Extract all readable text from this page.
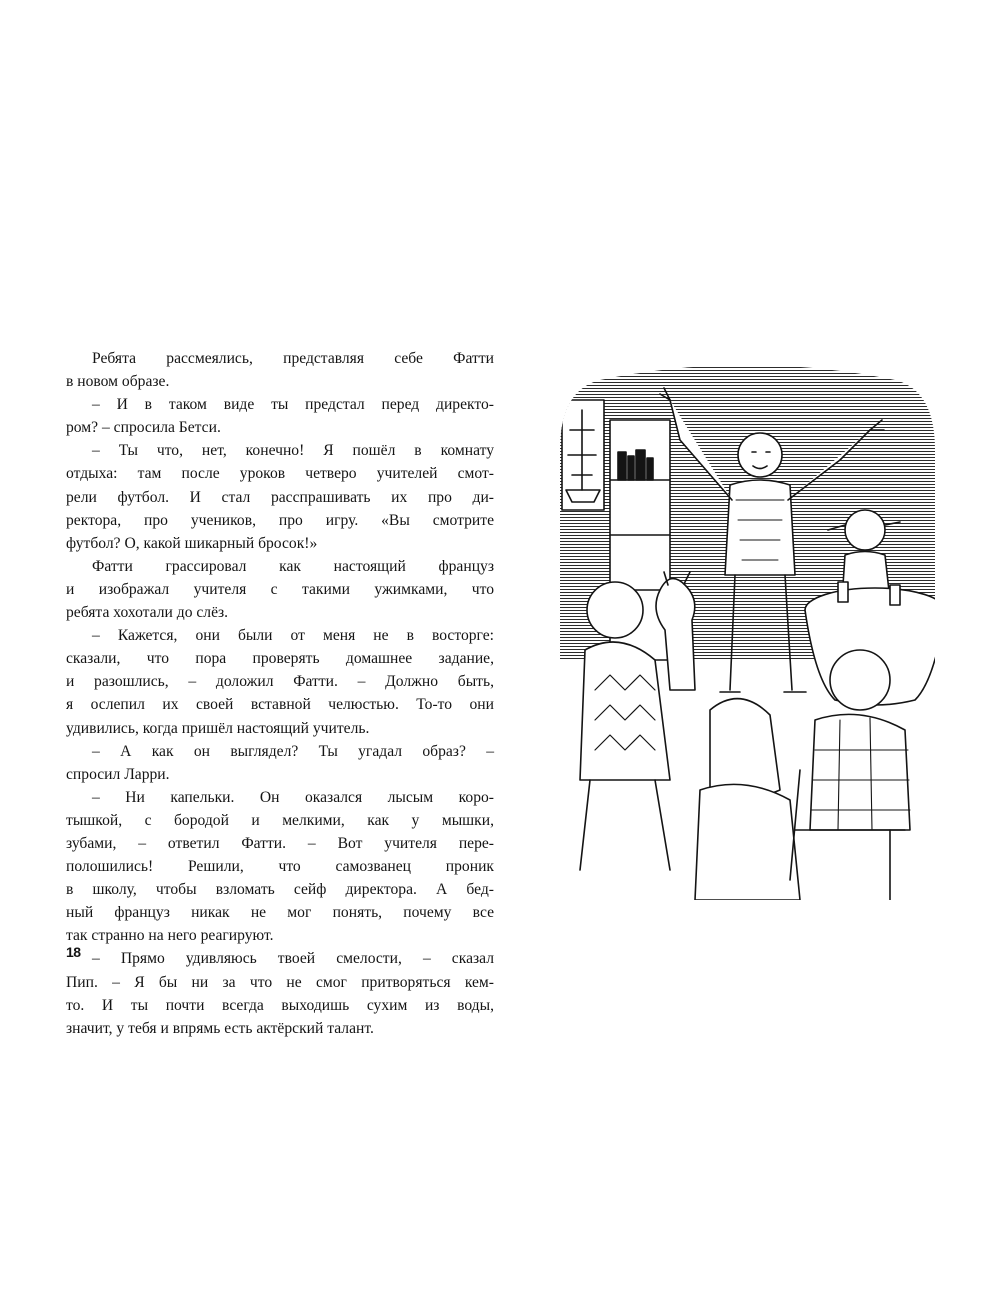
Ребята рассмеялись, представляя себе Фатти
в новом образе.
– И в таком виде ты предстал перед директо-
ром? – спросила Бетси.
– Ты что, нет, конечно! Я пошёл в комнату
отдыха: там после уроков четверо учителей смот-
рели футбол. И стал расспрашивать их про ди-
ректора, про учеников, про игру. «Вы смотрите
футбол? О, какой шикарный бросок!»
Фатти грассировал как настоящий француз
и изображал учителя с такими ужимками, что
ребята хохотали до слёз.
– Кажется, они были от меня не в восторге:
сказали, что пора проверять домашнее задание,
и разошлись, – доложил Фатти. – Должно быть,
я ослепил их своей вставной челюстью. То-то они
удивились, когда пришёл настоящий учитель.
– А как он выглядел? Ты угадал образ? –
спросил Ларри.
– Ни капельки. Он оказался лысым коро-
тышкой, с бородой и мелкими, как у мышки,
зубами, – ответил Фатти. – Вот учителя пере-
полошились! Решили, что самозванец проник
в школу, чтобы взломать сейф директора. А бед-
ный француз никак не мог понять, почему все
так странно на него реагируют.
– Прямо удивляюсь твоей смелости, – сказал
Пип. – Я бы ни за что не смог притворяться кем-
то. И ты почти всегда выходишь сухим из воды,
значит, у тебя и впрямь есть актёрский талант.
18
